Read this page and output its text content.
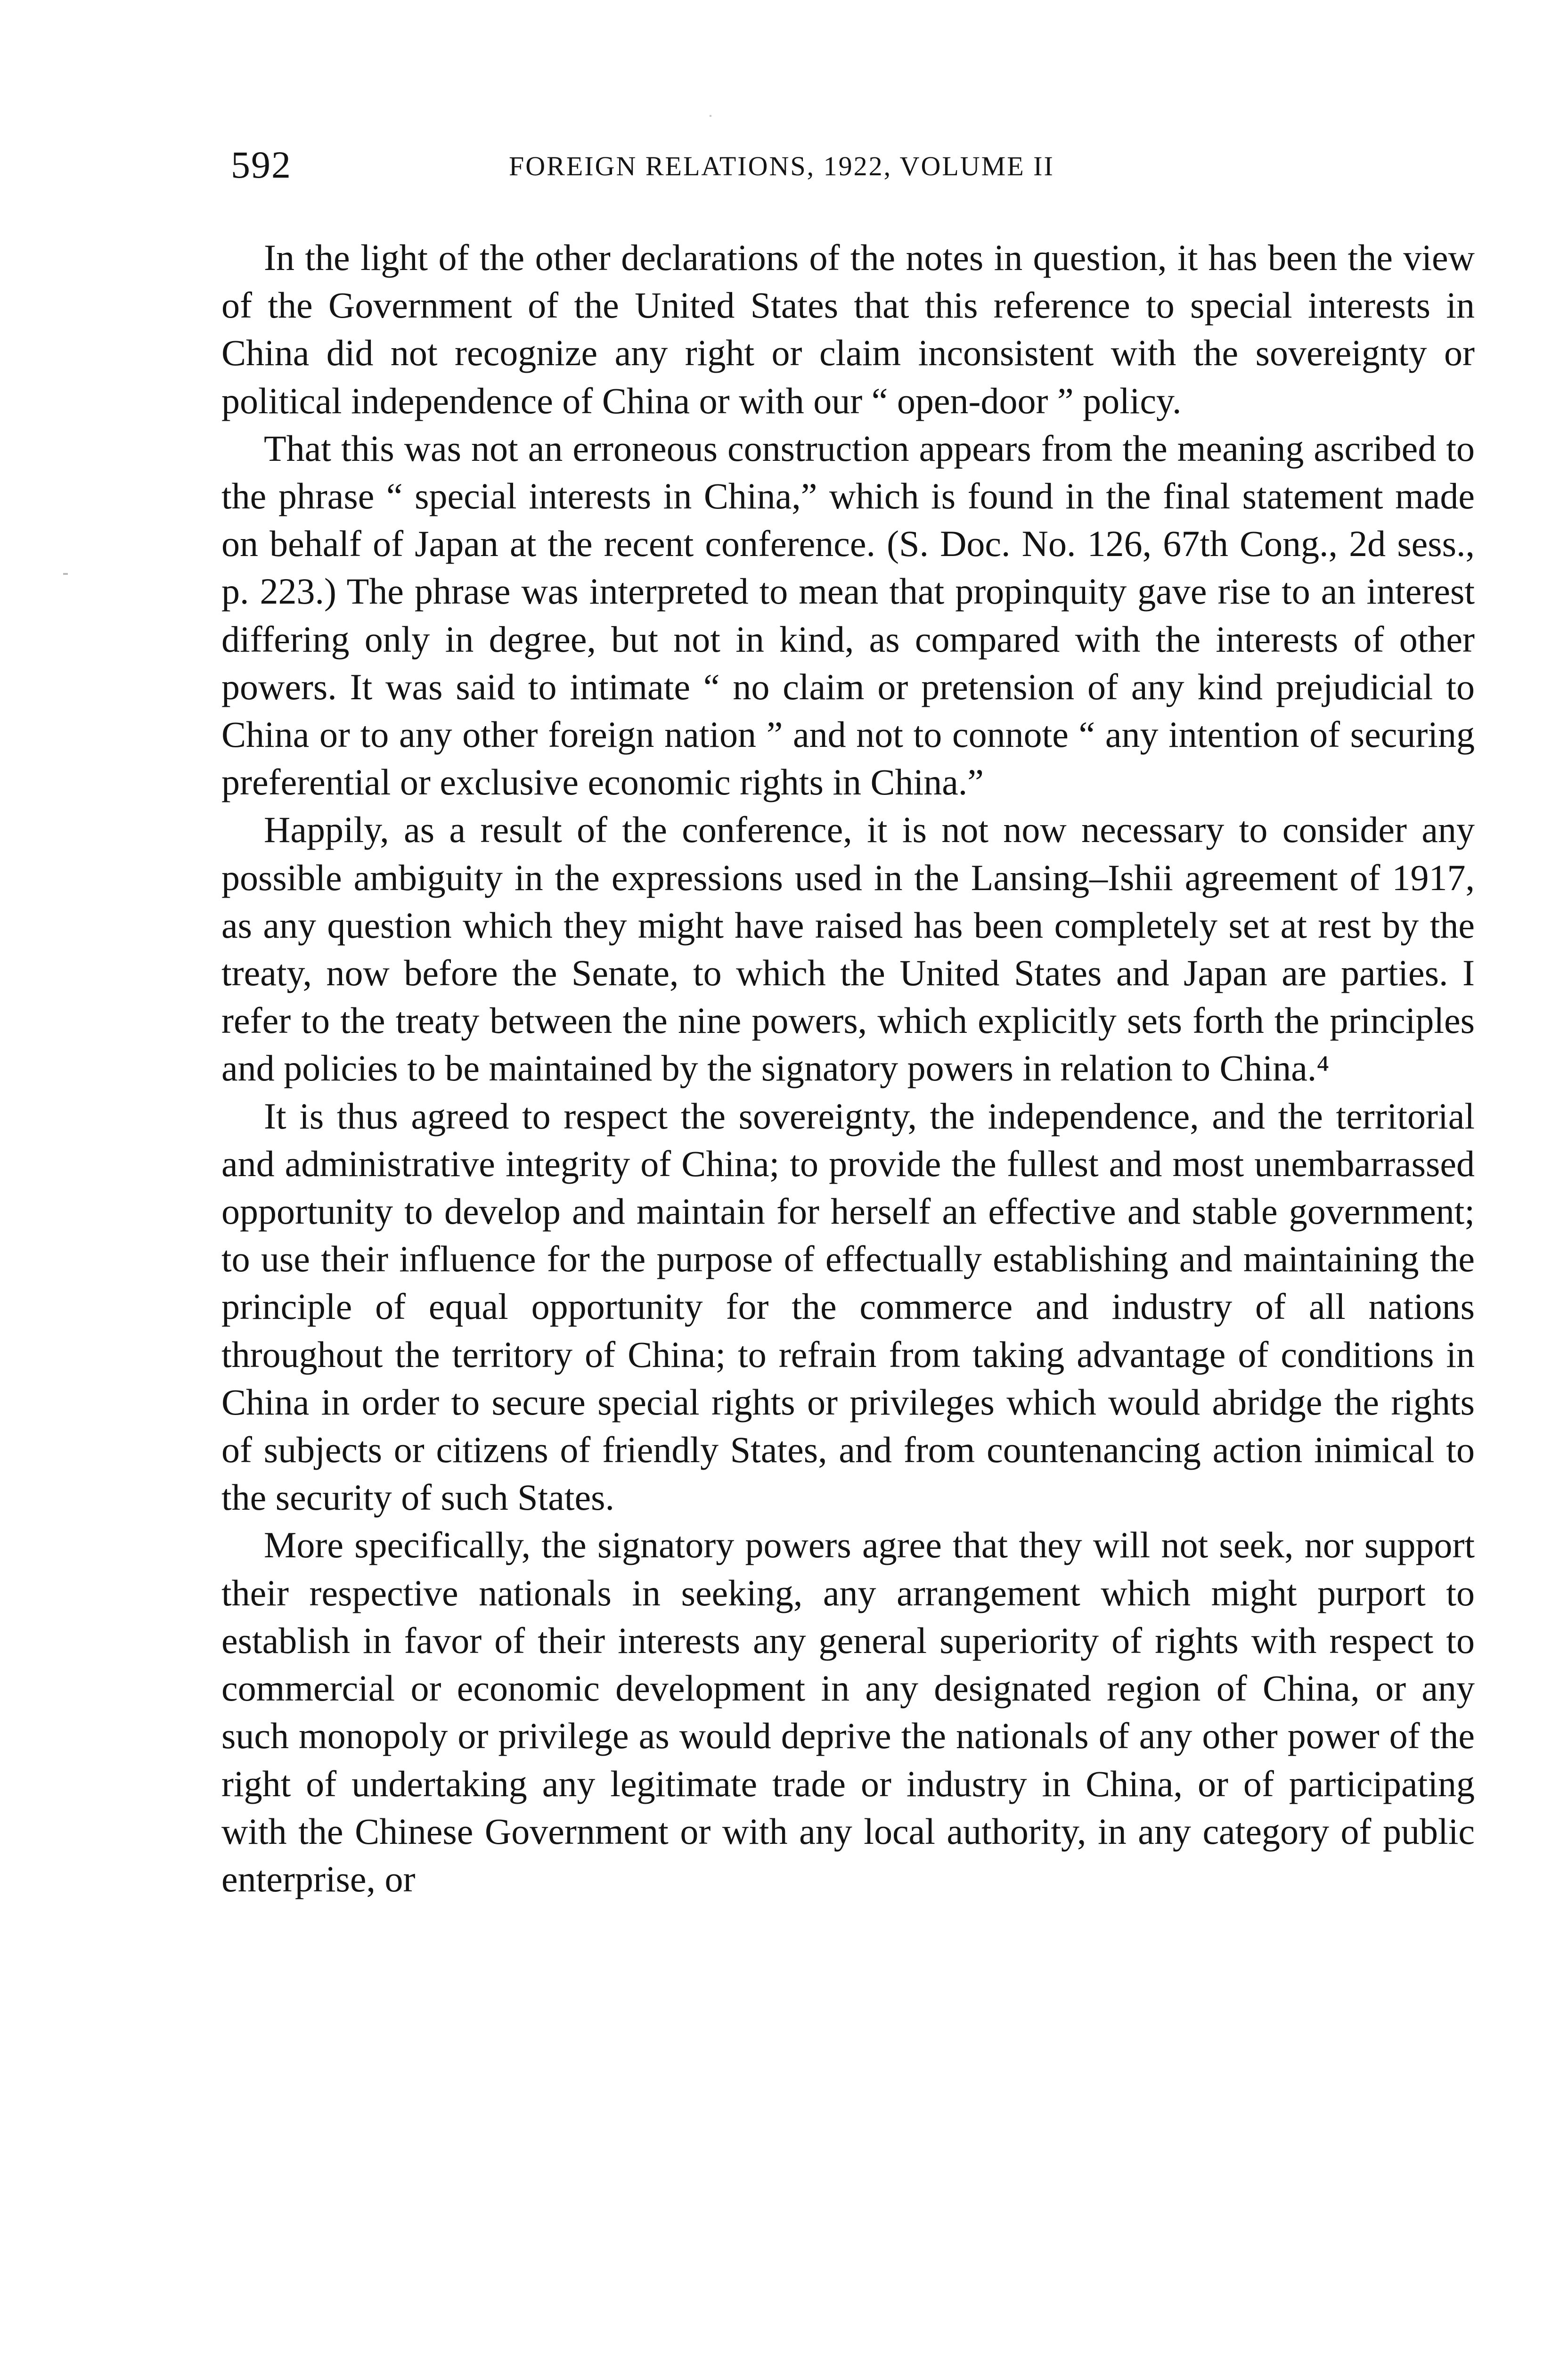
592	FOREIGN RELATIONS, 1922, VOLUME II

In the light of the other declarations of the notes in question, it has been the view of the Government of the United States that this reference to special interests in China did not recognize any right or claim inconsistent with the sovereignty or political independence of China or with our “ open-door ” policy.

That this was not an erroneous construction appears from the meaning ascribed to the phrase “ special interests in China,” which is found in the final statement made on behalf of Japan at the recent conference. (S. Doc. No. 126, 67th Cong., 2d sess., p. 223.) The phrase was interpreted to mean that propinquity gave rise to an interest differing only in degree, but not in kind, as compared with the interests of other powers. It was said to intimate “ no claim or pretension of any kind prejudicial to China or to any other foreign nation ” and not to connote “ any intention of securing preferential or exclusive economic rights in China.”

Happily, as a result of the conference, it is not now necessary to consider any possible ambiguity in the expressions used in the Lansing–Ishii agreement of 1917, as any question which they might have raised has been completely set at rest by the treaty, now before the Senate, to which the United States and Japan are parties. I refer to the treaty between the nine powers, which explicitly sets forth the principles and policies to be maintained by the signatory powers in relation to China.⁴

It is thus agreed to respect the sovereignty, the independence, and the territorial and administrative integrity of China; to provide the fullest and most unembarrassed opportunity to develop and maintain for herself an effective and stable government; to use their influence for the purpose of effectually establishing and maintaining the principle of equal opportunity for the commerce and industry of all nations throughout the territory of China; to refrain from taking advantage of conditions in China in order to secure special rights or privileges which would abridge the rights of subjects or citizens of friendly States, and from countenancing action inimical to the security of such States.

More specifically, the signatory powers agree that they will not seek, nor support their respective nationals in seeking, any arrangement which might purport to establish in favor of their interests any general superiority of rights with respect to commercial or economic development in any designated region of China, or any such monopoly or privilege as would deprive the nationals of any other power of the right of undertaking any legitimate trade or industry in China, or of participating with the Chinese Government or with any local authority, in any category of public enterprise, or
